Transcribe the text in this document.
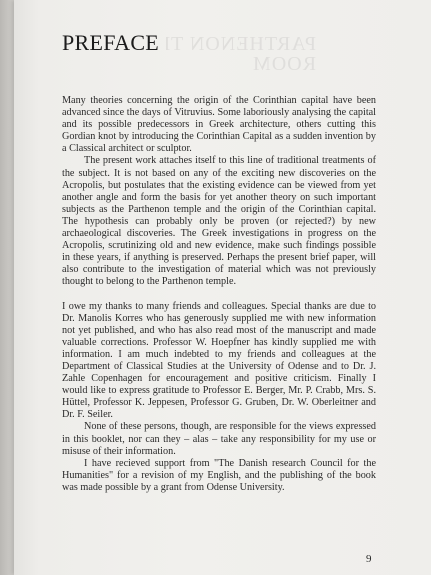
PARTHENON T
ROOM
PREFACE

Many theories concerning the origin of the Corinthian capital have been advanced since the days of Vitruvius. Some laboriously analysing the capital and its possible predecessors in Greek architecture, others cutting this Gordian knot by introducing the Corinthian Capital as a sudden invention by a Classical architect or sculptor.

The present work attaches itself to this line of traditional treatments of the subject. It is not based on any of the exciting new discoveries on the Acropolis, but postulates that the existing evidence can be viewed from yet another angle and form the basis for yet another theory on such important subjects as the Parthenon temple and the origin of the Corinthian capital. The hypothesis can probably only be proven (or rejected?) by new archaeological discoveries. The Greek investigations in progress on the Acropolis, scrutinizing old and new evidence, make such findings possible in these years, if anything is preserved. Perhaps the present brief paper, will also contribute to the investigation of material which was not previously thought to belong to the Parthenon temple.

I owe my thanks to many friends and colleagues. Special thanks are due to Dr. Manolis Korres who has generously supplied me with new information not yet published, and who has also read most of the manuscript and made valuable corrections. Professor W. Hoepfner has kindly supplied me with information. I am much indebted to my friends and colleagues at the Department of Classical Studies at the University of Odense and to Dr. J. Zahle Copenhagen for encouragement and positive criticism. Finally I would like to express gratitude to Professor E. Berger, Mr. P. Crabb, Mrs. S. Hüttel, Professor K. Jeppesen, Professor G. Gruben, Dr. W. Oberleitner and Dr. F. Seiler.

None of these persons, though, are responsible for the views expressed in this booklet, nor can they – alas – take any responsibility for my use or misuse of their information.

I have recieved support from "The Danish research Council for the Humanities" for a revision of my English, and the publishing of the book was made possible by a grant from Odense University.

9
